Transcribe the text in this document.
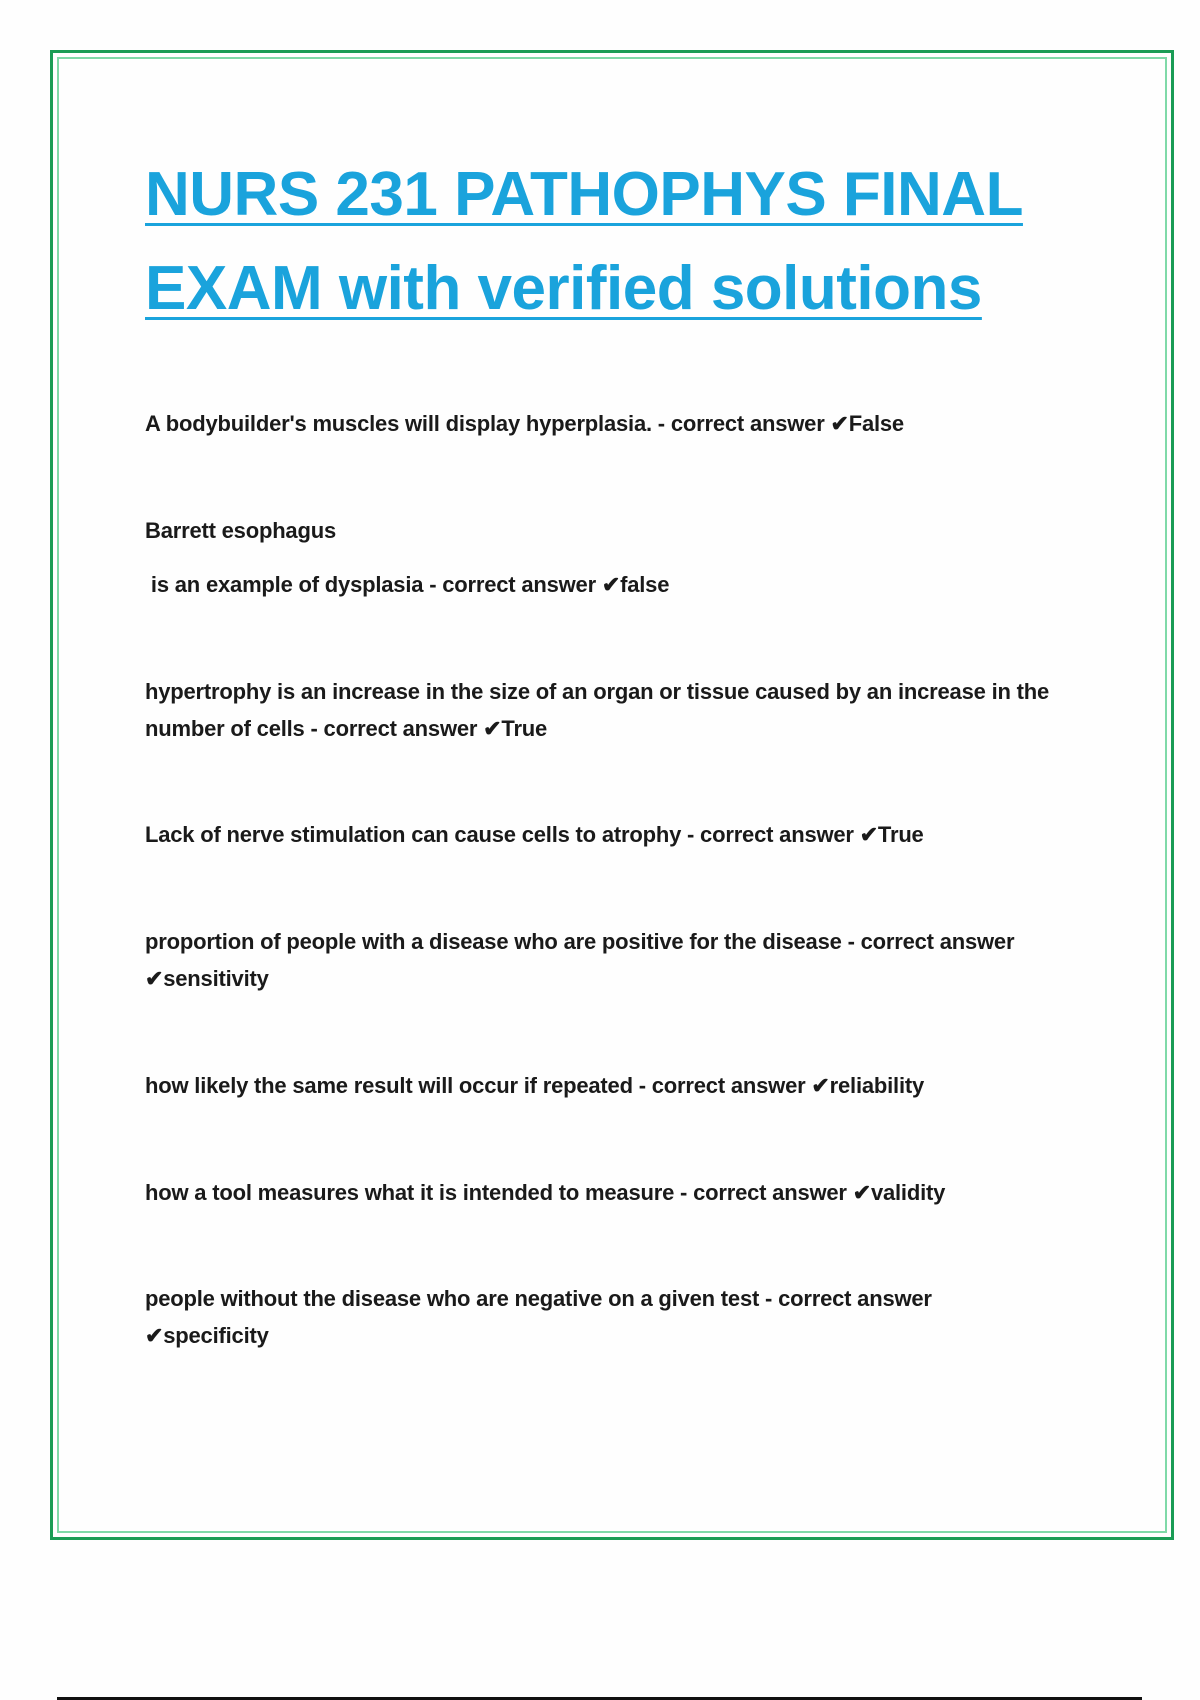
NURS 231 PATHOPHYS FINAL
EXAM with verified solutions
A bodybuilder's muscles will display hyperplasia. - correct answer ✔False
Barrett esophagus
is an example of dysplasia - correct answer ✔false
hypertrophy is an increase in the size of an organ or tissue caused by an increase in the number of cells - correct answer ✔True
Lack of nerve stimulation can cause cells to atrophy - correct answer ✔True
proportion of people with a disease who are positive for the disease - correct answer ✔sensitivity
how likely the same result will occur if repeated - correct answer ✔reliability
how a tool measures what it is intended to measure - correct answer ✔validity
people without the disease who are negative on a given test - correct answer ✔specificity
